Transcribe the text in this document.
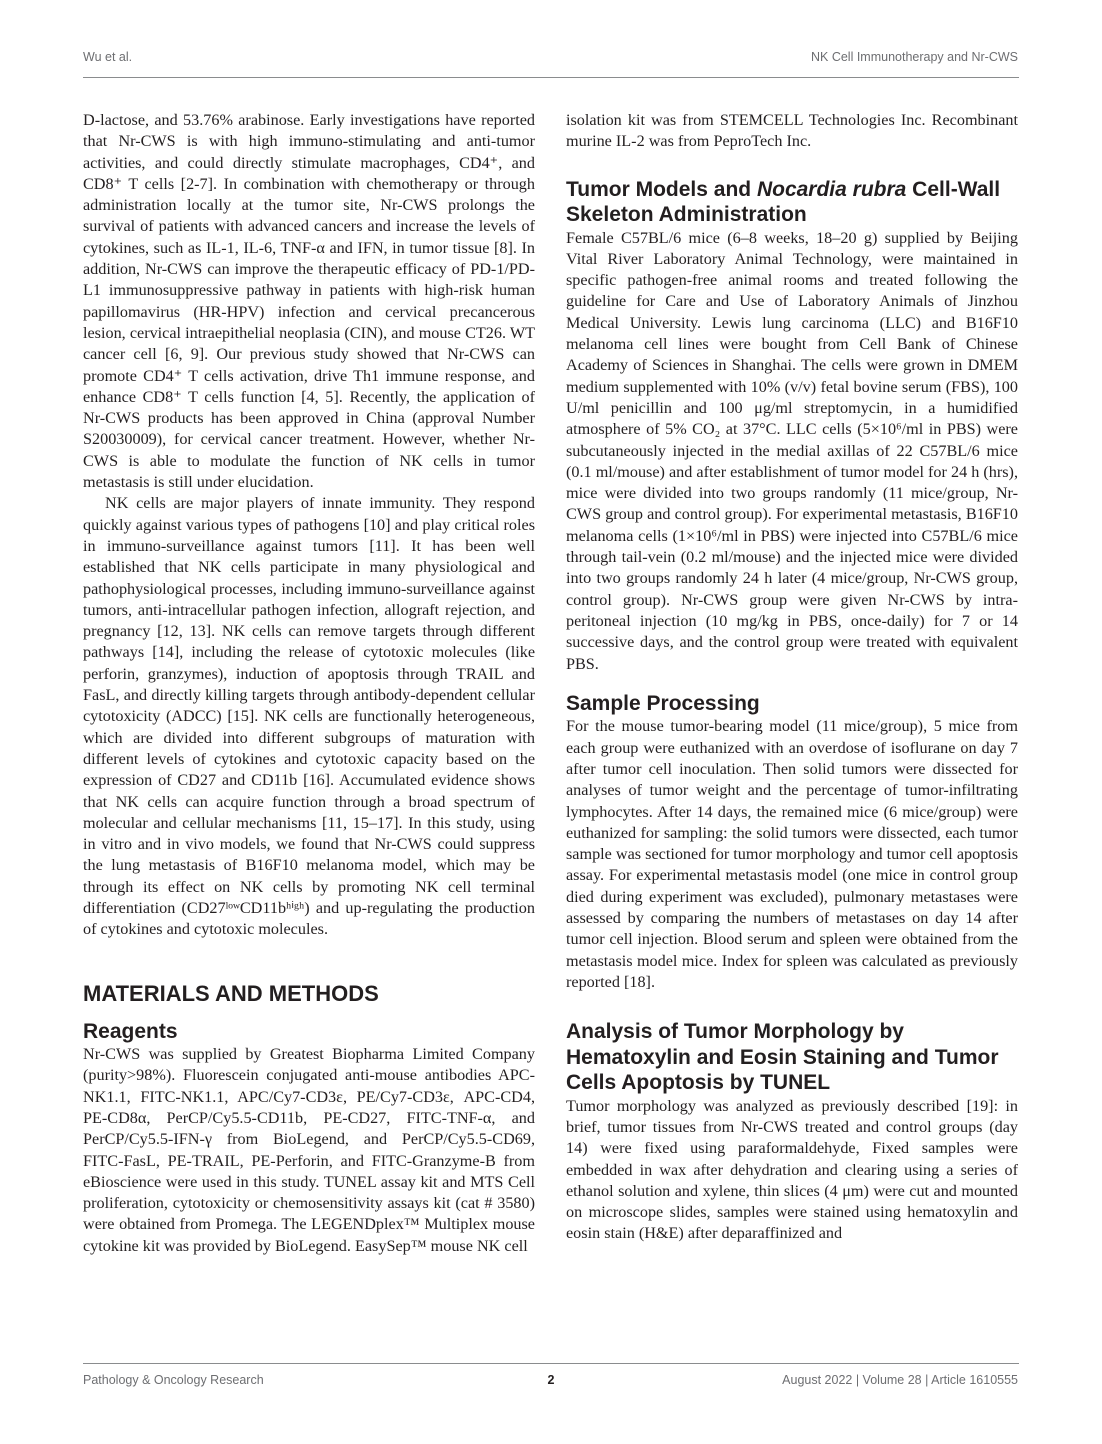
Wu et al.	NK Cell Immunotherapy and Nr-CWS

D-lactose, and 53.76% arabinose. Early investigations have reported that Nr-CWS is with high immuno-stimulating and anti-tumor activities, and could directly stimulate macrophages, CD4⁺, and CD8⁺ T cells [2-7]. In combination with chemotherapy or through administration locally at the tumor site, Nr-CWS prolongs the survival of patients with advanced cancers and increase the levels of cytokines, such as IL-1, IL-6, TNF-α and IFN, in tumor tissue [8]. In addition, Nr-CWS can improve the therapeutic efficacy of PD-1/PD-L1 immunosuppressive pathway in patients with high-risk human papillomavirus (HR-HPV) infection and cervical precancerous lesion, cervical intraepithelial neoplasia (CIN), and mouse CT26. WT cancer cell [6, 9]. Our previous study showed that Nr-CWS can promote CD4⁺ T cells activation, drive Th1 immune response, and enhance CD8⁺ T cells function [4, 5]. Recently, the application of Nr-CWS products has been approved in China (approval Number S20030009), for cervical cancer treatment. However, whether Nr-CWS is able to modulate the function of NK cells in tumor metastasis is still under elucidation.

NK cells are major players of innate immunity. They respond quickly against various types of pathogens [10] and play critical roles in immuno-surveillance against tumors [11]. It has been well established that NK cells participate in many physiological and pathophysiological processes, including immuno-surveillance against tumors, anti-intracellular pathogen infection, allograft rejection, and pregnancy [12, 13]. NK cells can remove targets through different pathways [14], including the release of cytotoxic molecules (like perforin, granzymes), induction of apoptosis through TRAIL and FasL, and directly killing targets through antibody-dependent cellular cytotoxicity (ADCC) [15]. NK cells are functionally heterogeneous, which are divided into different subgroups of maturation with different levels of cytokines and cytotoxic capacity based on the expression of CD27 and CD11b [16]. Accumulated evidence shows that NK cells can acquire function through a broad spectrum of molecular and cellular mechanisms [11, 15–17]. In this study, using in vitro and in vivo models, we found that Nr-CWS could suppress the lung metastasis of B16F10 melanoma model, which may be through its effect on NK cells by promoting NK cell terminal differentiation (CD27ˡᵒʷCD11bʰⁱᵍʰ) and up-regulating the production of cytokines and cytotoxic molecules.

MATERIALS AND METHODS
Reagents

Nr-CWS was supplied by Greatest Biopharma Limited Company (purity>98%). Fluorescein conjugated anti-mouse antibodies APC-NK1.1, FITC-NK1.1, APC/Cy7-CD3ε, PE/Cy7-CD3ε, APC-CD4, PE-CD8α, PerCP/Cy5.5-CD11b, PE-CD27, FITC-TNF-α, and PerCP/Cy5.5-IFN-γ from BioLegend, and PerCP/Cy5.5-CD69, FITC-FasL, PE-TRAIL, PE-Perforin, and FITC-Granzyme-B from eBioscience were used in this study. TUNEL assay kit and MTS Cell proliferation, cytotoxicity or chemosensitivity assays kit (cat # 3580) were obtained from Promega. The LEGENDplex™ Multiplex mouse cytokine kit was provided by BioLegend. EasySep™ mouse NK cell

isolation kit was from STEMCELL Technologies Inc. Recombinant murine IL-2 was from PeproTech Inc.

Tumor Models and Nocardia rubra Cell-Wall Skeleton Administration

Female C57BL/6 mice (6–8 weeks, 18–20 g) supplied by Beijing Vital River Laboratory Animal Technology, were maintained in specific pathogen-free animal rooms and treated following the guideline for Care and Use of Laboratory Animals of Jinzhou Medical University. Lewis lung carcinoma (LLC) and B16F10 melanoma cell lines were bought from Cell Bank of Chinese Academy of Sciences in Shanghai. The cells were grown in DMEM medium supplemented with 10% (v/v) fetal bovine serum (FBS), 100 U/ml penicillin and 100 μg/ml streptomycin, in a humidified atmosphere of 5% CO₂ at 37°C. LLC cells (5×10⁶/ml in PBS) were subcutaneously injected in the medial axillas of 22 C57BL/6 mice (0.1 ml/mouse) and after establishment of tumor model for 24 h (hrs), mice were divided into two groups randomly (11 mice/group, Nr-CWS group and control group). For experimental metastasis, B16F10 melanoma cells (1×10⁶/ml in PBS) were injected into C57BL/6 mice through tail-vein (0.2 ml/mouse) and the injected mice were divided into two groups randomly 24 h later (4 mice/group, Nr-CWS group, control group). Nr-CWS group were given Nr-CWS by intra-peritoneal injection (10 mg/kg in PBS, once-daily) for 7 or 14 successive days, and the control group were treated with equivalent PBS.

Sample Processing

For the mouse tumor-bearing model (11 mice/group), 5 mice from each group were euthanized with an overdose of isoflurane on day 7 after tumor cell inoculation. Then solid tumors were dissected for analyses of tumor weight and the percentage of tumor-infiltrating lymphocytes. After 14 days, the remained mice (6 mice/group) were euthanized for sampling: the solid tumors were dissected, each tumor sample was sectioned for tumor morphology and tumor cell apoptosis assay. For experimental metastasis model (one mice in control group died during experiment was excluded), pulmonary metastases were assessed by comparing the numbers of metastases on day 14 after tumor cell injection. Blood serum and spleen were obtained from the metastasis model mice. Index for spleen was calculated as previously reported [18].

Analysis of Tumor Morphology by Hematoxylin and Eosin Staining and Tumor Cells Apoptosis by TUNEL

Tumor morphology was analyzed as previously described [19]: in brief, tumor tissues from Nr-CWS treated and control groups (day 14) were fixed using paraformaldehyde, Fixed samples were embedded in wax after dehydration and clearing using a series of ethanol solution and xylene, thin slices (4 μm) were cut and mounted on microscope slides, samples were stained using hematoxylin and eosin stain (H&E) after deparaffinized and

Pathology & Oncology Research	2	August 2022 | Volume 28 | Article 1610555
